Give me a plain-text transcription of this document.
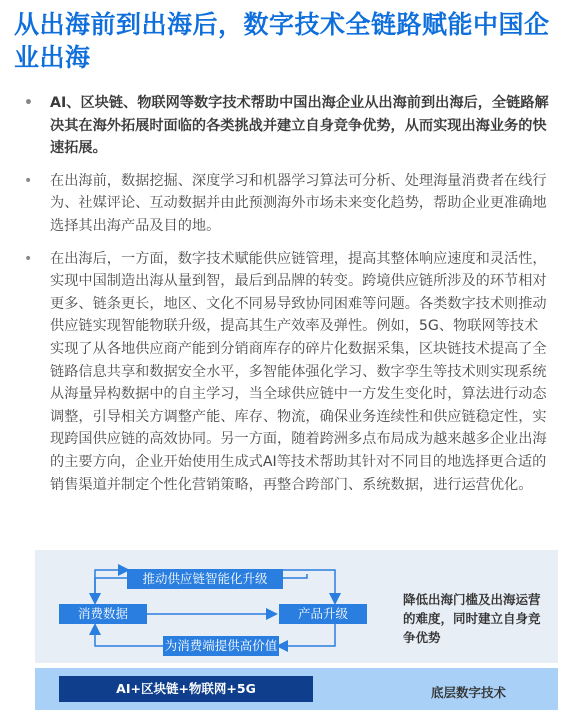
从出海前到出海后，数字技术全链路赋能中国企业出海
• AI、区块链、物联网等数字技术帮助中国出海企业从出海前到出海后，全链路解决其在海外拓展时面临的各类挑战并建立自身竞争优势，从而实现出海业务的快速拓展。
• 在出海前，数据挖掘、深度学习和机器学习算法可分析、处理海量消费者在线行为、社媒评论、互动数据并由此预测海外市场未来变化趋势，帮助企业更准确地选择其出海产品及目的地。
• 在出海后，一方面，数字技术赋能供应链管理，提高其整体响应速度和灵活性，实现中国制造出海从量到智，最后到品牌的转变。跨境供应链所涉及的环节相对更多、链条更长，地区、文化不同易导致协同困难等问题。各类数字技术则推动供应链实现智能物联升级，提高其生产效率及弹性。例如，5G、物联网等技术实现了从各地供应商产能到分销商库存的碎片化数据采集，区块链技术提高了全链路信息共享和数据安全水平，多智能体强化学习、数字孪生等技术则实现系统从海量异构数据中的自主学习，当全球供应链中一方发生变化时，算法进行动态调整，引导相关方调整产能、库存、物流，确保业务连续性和供应链稳定性，实现跨国供应链的高效协同。另一方面，随着跨洲多点布局成为越来越多企业出海的主要方向，企业开始使用生成式AI等技术帮助其针对不同目的地选择更合适的销售渠道并制定个性化营销策略，再整合跨部门、系统数据，进行运营优化。
推动供应链智能化升级
消费数据	产品升级
为消费端提供高价值
降低出海门槛及出海运营的难度，同时建立自身竞争优势
AI+区块链+物联网+5G	底层数字技术
